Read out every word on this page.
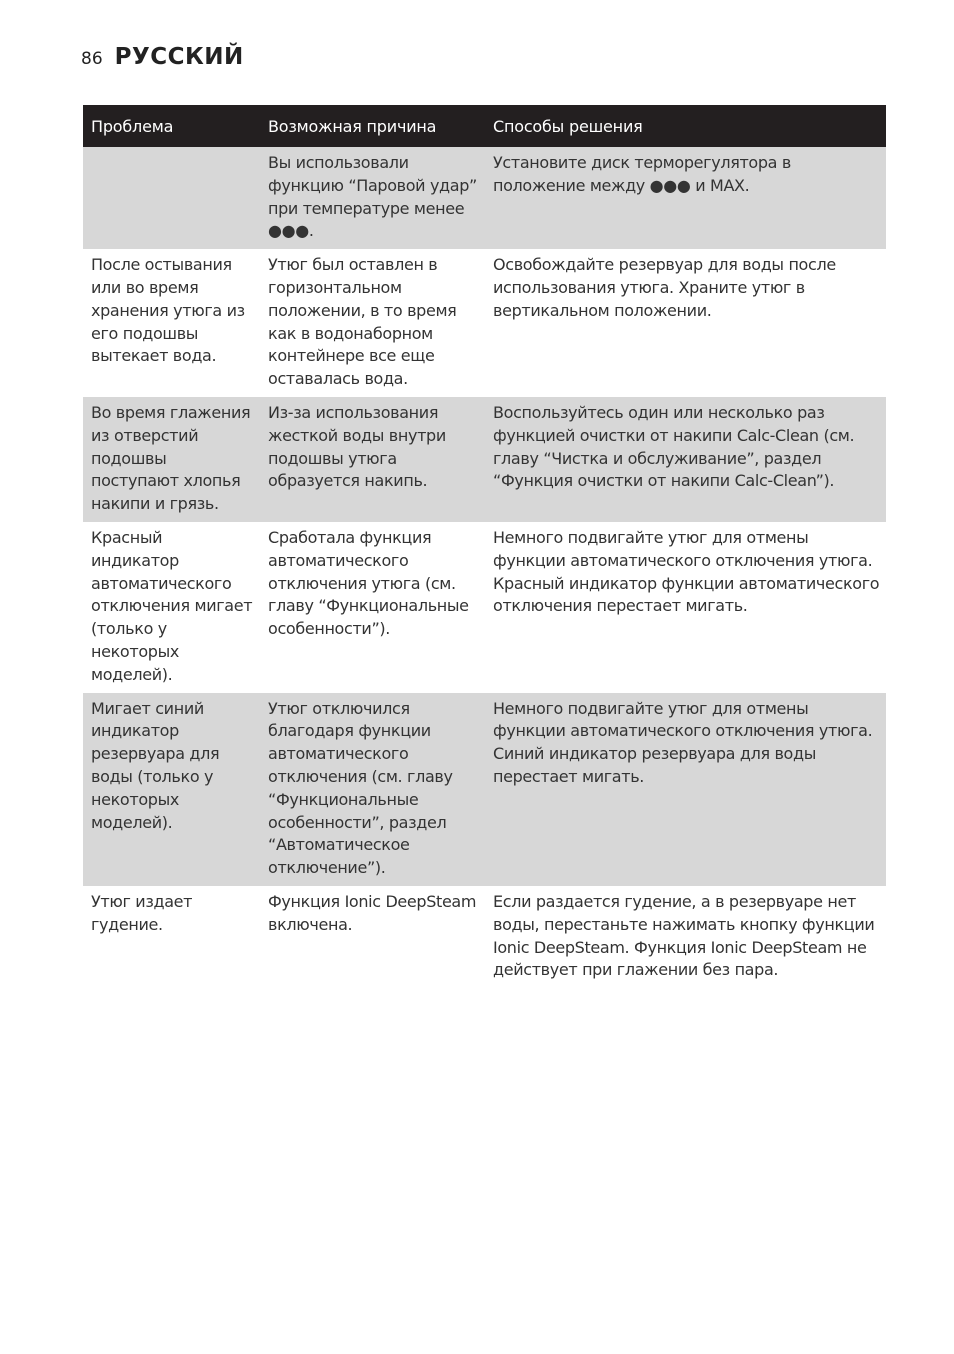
86 РУССКИЙ
Проблема	Возможная причина	Способы решения
	Вы использовали функцию “Паровой удар” при температуре менее ●●●.	Установите диск терморегулятора в положение между ●●● и MAX.
После остывания или во время хранения утюга из его подошвы вытекает вода.	Утюг был оставлен в горизонтальном положении, в то время как в водонаборном контейнере все еще оставалась вода.	Освобождайте резервуар для воды после использования утюга. Храните утюг в вертикальном положении.
Во время глажения из отверстий подошвы поступают хлопья накипи и грязь.	Из-за использования жесткой воды внутри подошвы утюга образуется накипь.	Воспользуйтесь один или несколько раз функцией очистки от накипи Calc-Clean (см. главу “Чистка и обслуживание”, раздел “Функция очистки от накипи Calc-Clean”).
Красный индикатор автоматического отключения мигает (только у некоторых моделей).	Сработала функция автоматического отключения утюга (см. главу “Функциональные особенности”).	Немного подвигайте утюг для отмены функции автоматического отключения утюга. Красный индикатор функции автоматического отключения перестает мигать.
Мигает синий индикатор резервуара для воды (только у некоторых моделей).	Утюг отключился благодаря функции автоматического отключения (см. главу “Функциональные особенности”, раздел “Автоматическое отключение”).	Немного подвигайте утюг для отмены функции автоматического отключения утюга. Синий индикатор резервуара для воды перестает мигать.
Утюг издает гудение.	Функция Ionic DeepSteam включена.	Если раздается гудение, а в резервуаре нет воды, перестаньте нажимать кнопку функции Ionic DeepSteam. Функция Ionic DeepSteam не действует при глажении без пара.
